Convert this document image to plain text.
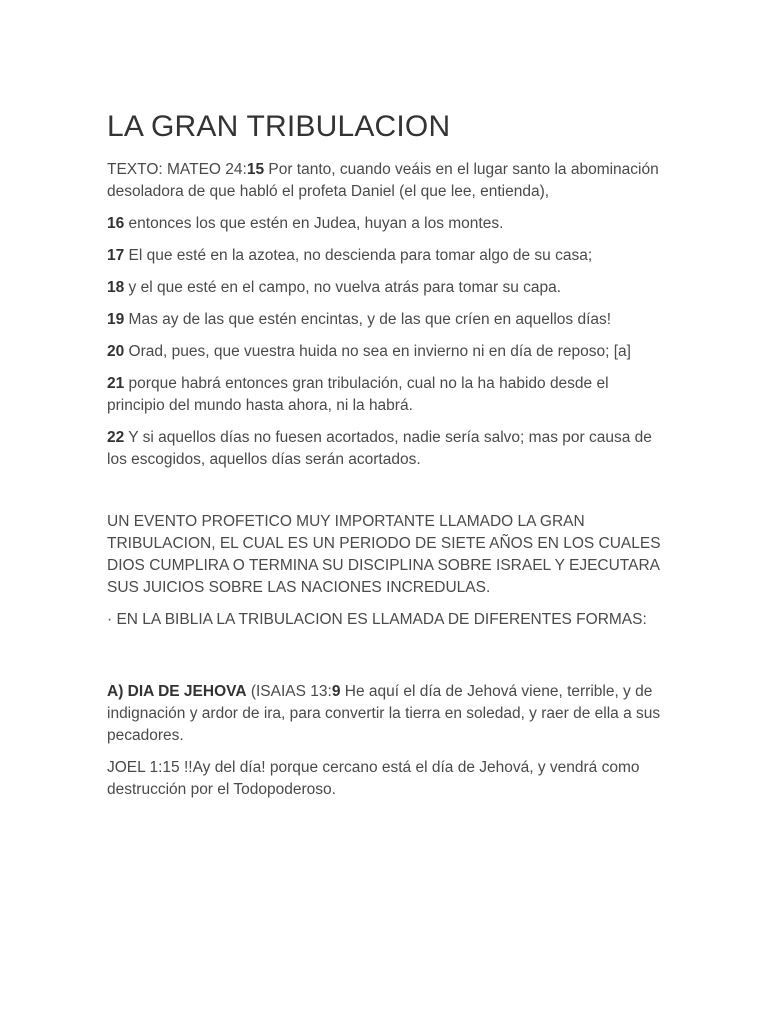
LA GRAN TRIBULACION

TEXTO: MATEO 24:15 Por tanto, cuando veáis en el lugar santo la abominación desoladora de que habló el profeta Daniel (el que lee, entienda),

16 entonces los que estén en Judea, huyan a los montes.

17 El que esté en la azotea, no descienda para tomar algo de su casa;

18 y el que esté en el campo, no vuelva atrás para tomar su capa.

19 Mas ay de las que estén encintas, y de las que críen en aquellos días!

20 Orad, pues, que vuestra huida no sea en invierno ni en día de reposo; [a]

21 porque habrá entonces gran tribulación, cual no la ha habido desde el principio del mundo hasta ahora, ni la habrá.

22 Y si aquellos días no fuesen acortados, nadie sería salvo; mas por causa de los escogidos, aquellos días serán acortados.

UN EVENTO PROFETICO MUY IMPORTANTE LLAMADO LA GRAN TRIBULACION, EL CUAL ES UN PERIODO DE SIETE AÑOS EN LOS CUALES DIOS CUMPLIRA O TERMINA SU DISCIPLINA SOBRE ISRAEL Y EJECUTARA SUS JUICIOS SOBRE LAS NACIONES INCREDULAS.

· EN LA BIBLIA LA TRIBULACION ES LLAMADA DE DIFERENTES FORMAS:

A) DIA DE JEHOVA (ISAIAS 13:9 He aquí el día de Jehová viene, terrible, y de indignación y ardor de ira, para convertir la tierra en soledad, y raer de ella a sus pecadores.

JOEL 1:15 !!Ay del día! porque cercano está el día de Jehová, y vendrá como destrucción por el Todopoderoso.
